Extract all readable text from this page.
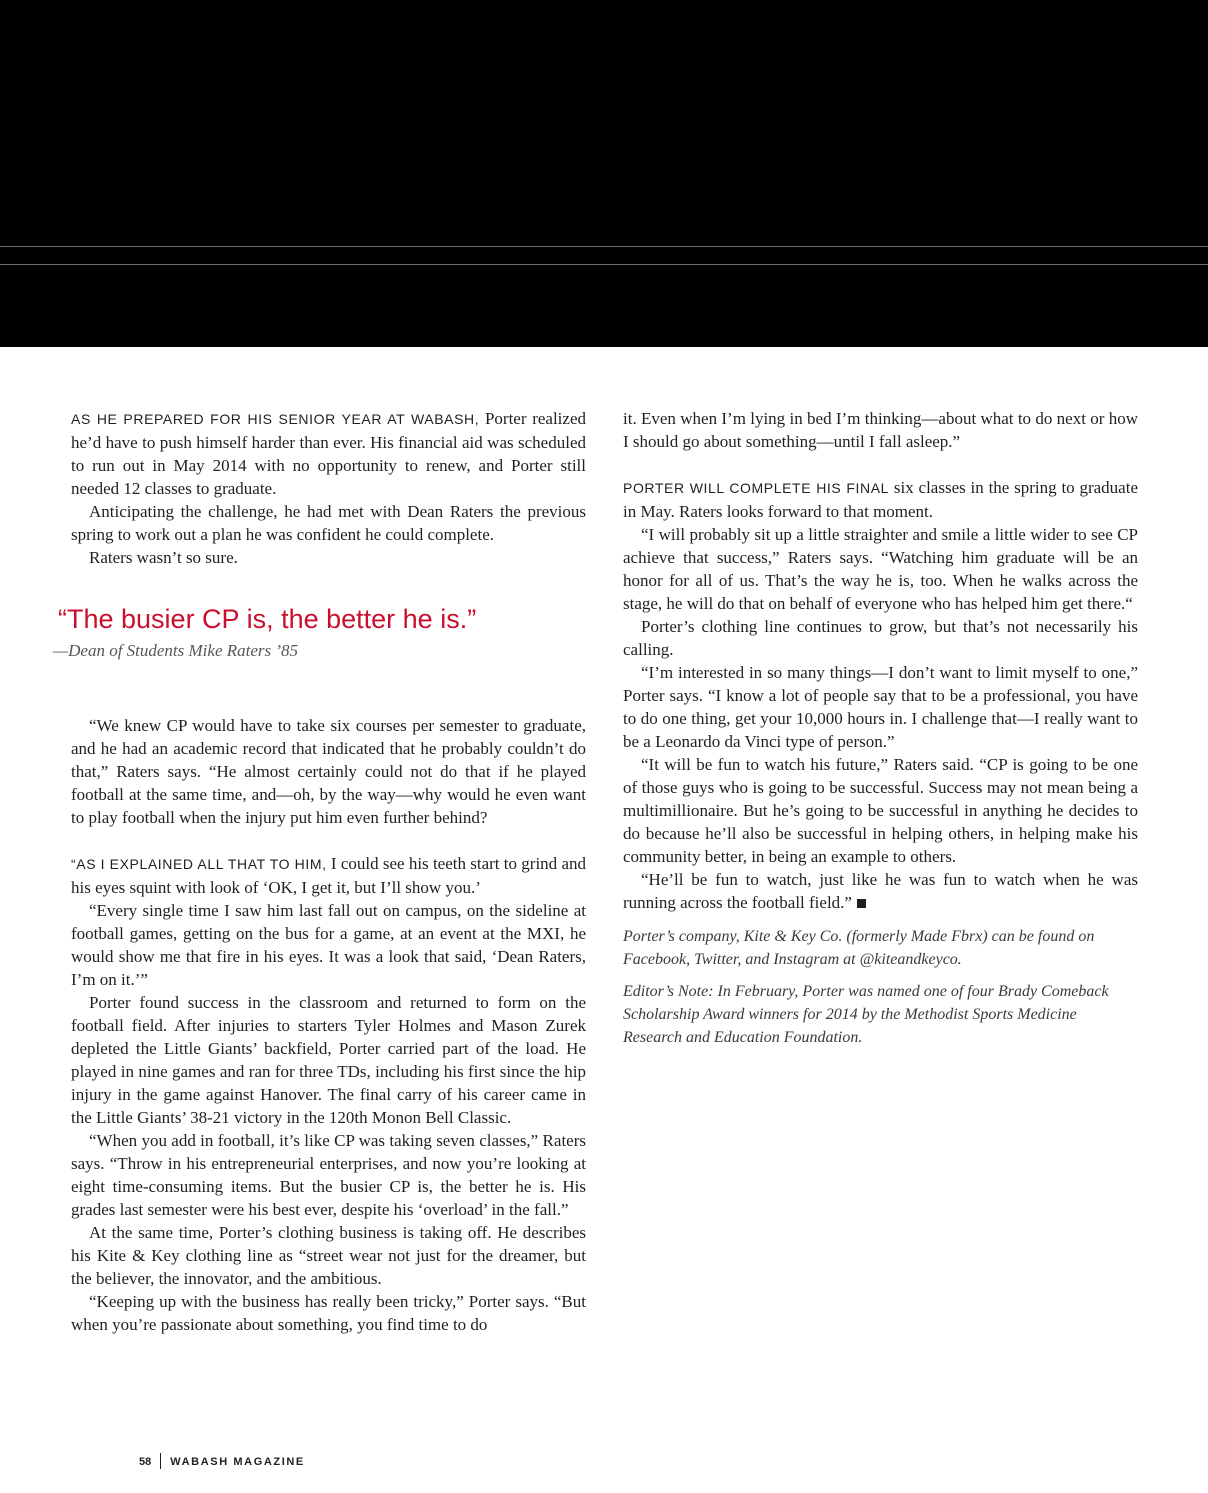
AS HE PREPARED FOR HIS SENIOR YEAR AT WABASH, Porter realized he’d have to push himself harder than ever. His financial aid was scheduled to run out in May 2014 with no opportunity to renew, and Porter still needed 12 classes to graduate.

Anticipating the challenge, he had met with Dean Raters the previous spring to work out a plan he was confident he could complete.

Raters wasn’t so sure.

“The busier CP is, the better he is.”
—Dean of Students Mike Raters ’85

“We knew CP would have to take six courses per semester to graduate, and he had an academic record that indicated that he probably couldn’t do that,” Raters says. “He almost certainly could not do that if he played football at the same time, and—oh, by the way—why would he even want to play football when the injury put him even further behind?

“AS I EXPLAINED ALL THAT TO HIM, I could see his teeth start to grind and his eyes squint with look of ‘OK, I get it, but I’ll show you.’

“Every single time I saw him last fall out on campus, on the sideline at football games, getting on the bus for a game, at an event at the MXI, he would show me that fire in his eyes. It was a look that said, ‘Dean Raters, I’m on it.’”

Porter found success in the classroom and returned to form on the football field. After injuries to starters Tyler Holmes and Mason Zurek depleted the Little Giants’ backfield, Porter carried part of the load. He played in nine games and ran for three TDs, including his first since the hip injury in the game against Hanover. The final carry of his career came in the Little Giants’ 38-21 victory in the 120th Monon Bell Classic.

“When you add in football, it’s like CP was taking seven classes,” Raters says. “Throw in his entrepreneurial enterprises, and now you’re looking at eight time-consuming items. But the busier CP is, the better he is. His grades last semester were his best ever, despite his ‘overload’ in the fall.”

At the same time, Porter’s clothing business is taking off. He describes his Kite & Key clothing line as “street wear not just for the dreamer, but the believer, the innovator, and the ambitious.

“Keeping up with the business has really been tricky,” Porter says. “But when you’re passionate about something, you find time to do

it. Even when I’m lying in bed I’m thinking—about what to do next or how I should go about something—until I fall asleep.”

PORTER WILL COMPLETE HIS FINAL six classes in the spring to graduate in May. Raters looks forward to that moment.

“I will probably sit up a little straighter and smile a little wider to see CP achieve that success,” Raters says. “Watching him graduate will be an honor for all of us. That’s the way he is, too. When he walks across the stage, he will do that on behalf of everyone who has helped him get there.“

Porter’s clothing line continues to grow, but that’s not necessarily his calling.

“I’m interested in so many things—I don’t want to limit myself to one,” Porter says. “I know a lot of people say that to be a professional, you have to do one thing, get your 10,000 hours in. I challenge that—I really want to be a Leonardo da Vinci type of person.”

“It will be fun to watch his future,” Raters said. “CP is going to be one of those guys who is going to be successful. Success may not mean being a multimillionaire. But he’s going to be successful in anything he decides to do because he’ll also be successful in helping others, in helping make his community better, in being an example to others.

“He’ll be fun to watch, just like he was fun to watch when he was running across the football field.”

Porter’s company, Kite & Key Co. (formerly Made Fbrx) can be found on Facebook, Twitter, and Instagram at @kiteandkeyco.

Editor’s Note: In February, Porter was named one of four Brady Comeback Scholarship Award winners for 2014 by the Methodist Sports Medicine Research and Education Foundation.

58 WABASH MAGAZINE
